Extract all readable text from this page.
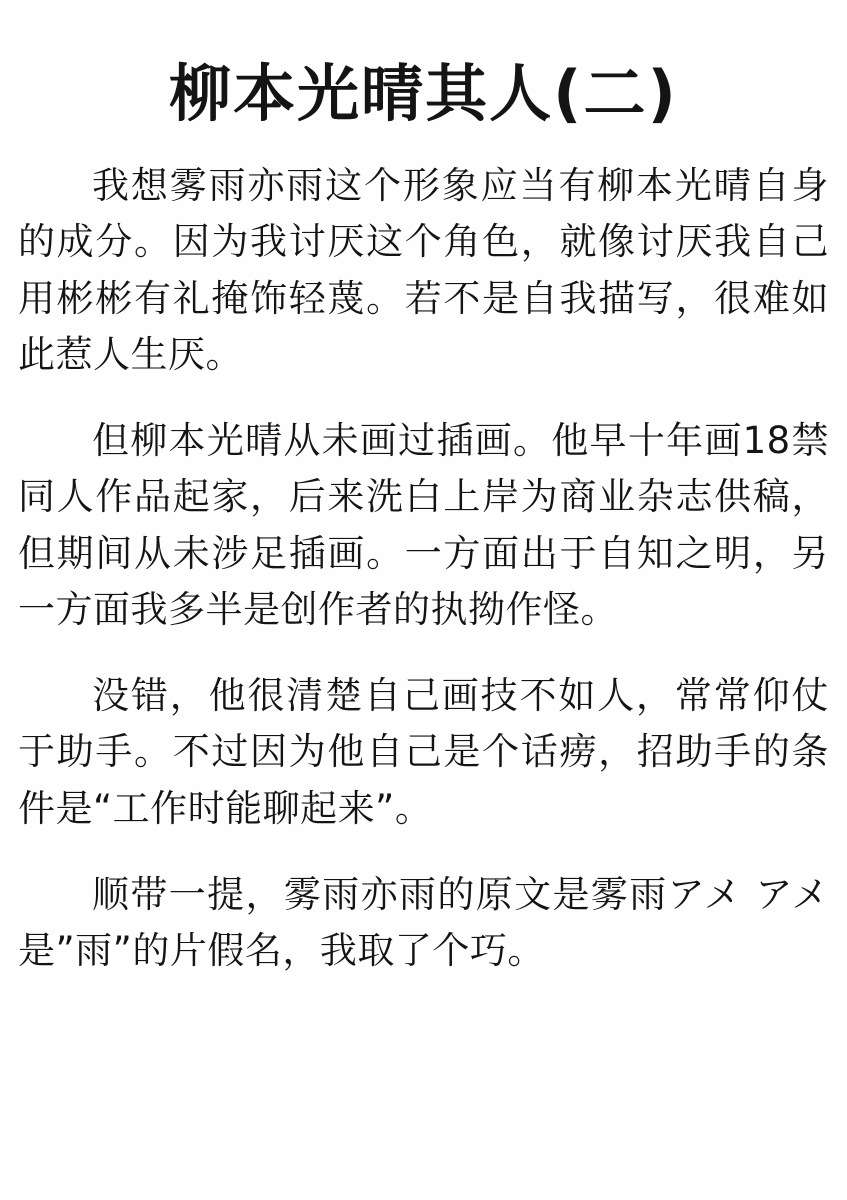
柳本光晴其人(二)

我想雾雨亦雨这个形象应当有柳本光晴自身的成分。因为我讨厌这个角色，就像讨厌我自己用彬彬有礼掩饰轻蔑。若不是自我描写，很难如此惹人生厌。

但柳本光晴从未画过插画。他早十年画18禁同人作品起家，后来洗白上岸为商业杂志供稿，但期间从未涉足插画。一方面出于自知之明，另一方面我多半是创作者的执拗作怪。

没错，他很清楚自己画技不如人，常常仰仗于助手。不过因为他自己是个话痨，招助手的条件是“工作时能聊起来”。

顺带一提，雾雨亦雨的原文是雾雨アメ アメ是”雨”的片假名，我取了个巧。
